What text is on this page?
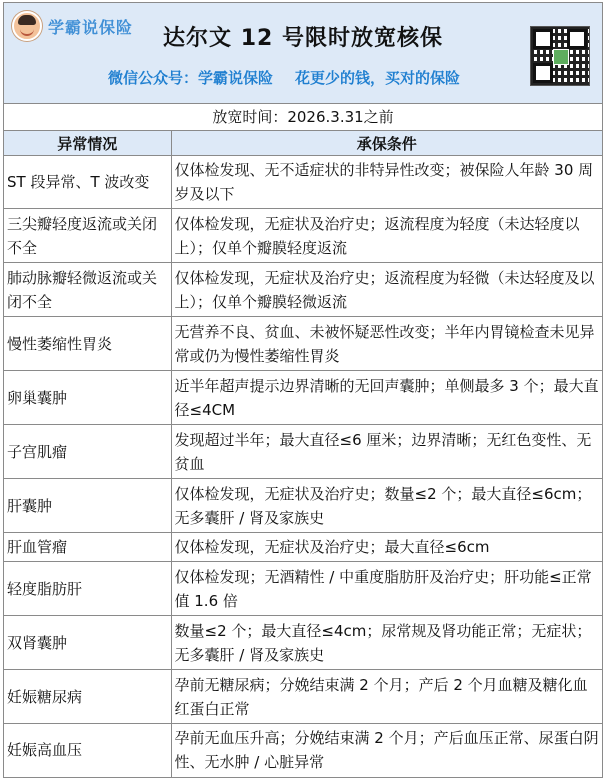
学霸说保险	达尔文 12 号限时放宽核保
微信公众号：学霸说保险 花更少的钱，买对的保险
放宽时间：2026.3.31之前
异常情况	承保条件
ST 段异常、T 波改变	仅体检发现、无不适症状的非特异性改变；被保险人年龄 30 周岁及以下
三尖瓣轻度返流或关闭不全	仅体检发现，无症状及治疗史；返流程度为轻度（未达轻度以上）；仅单个瓣膜轻度返流
肺动脉瓣轻微返流或关闭不全	仅体检发现，无症状及治疗史；返流程度为轻微（未达轻度及以上）；仅单个瓣膜轻微返流
慢性萎缩性胃炎	无营养不良、贫血、未被怀疑恶性改变；半年内胃镜检查未见异常或仍为慢性萎缩性胃炎
卵巢囊肿	近半年超声提示边界清晰的无回声囊肿；单侧最多 3 个；最大直径≤4CM
子宫肌瘤	发现超过半年；最大直径≤6 厘米；边界清晰；无红色变性、无贫血
肝囊肿	仅体检发现，无症状及治疗史；数量≤2 个；最大直径≤6cm；无多囊肝 / 肾及家族史
肝血管瘤	仅体检发现，无症状及治疗史；最大直径≤6cm
轻度脂肪肝	仅体检发现；无酒精性 / 中重度脂肪肝及治疗史；肝功能≤正常值 1.6 倍
双肾囊肿	数量≤2 个；最大直径≤4cm；尿常规及肾功能正常；无症状；无多囊肝 / 肾及家族史
妊娠糖尿病	孕前无糖尿病；分娩结束满 2 个月；产后 2 个月血糖及糖化血红蛋白正常
妊娠高血压	孕前无血压升高；分娩结束满 2 个月；产后血压正常、尿蛋白阴性、无水肿 / 心脏异常
